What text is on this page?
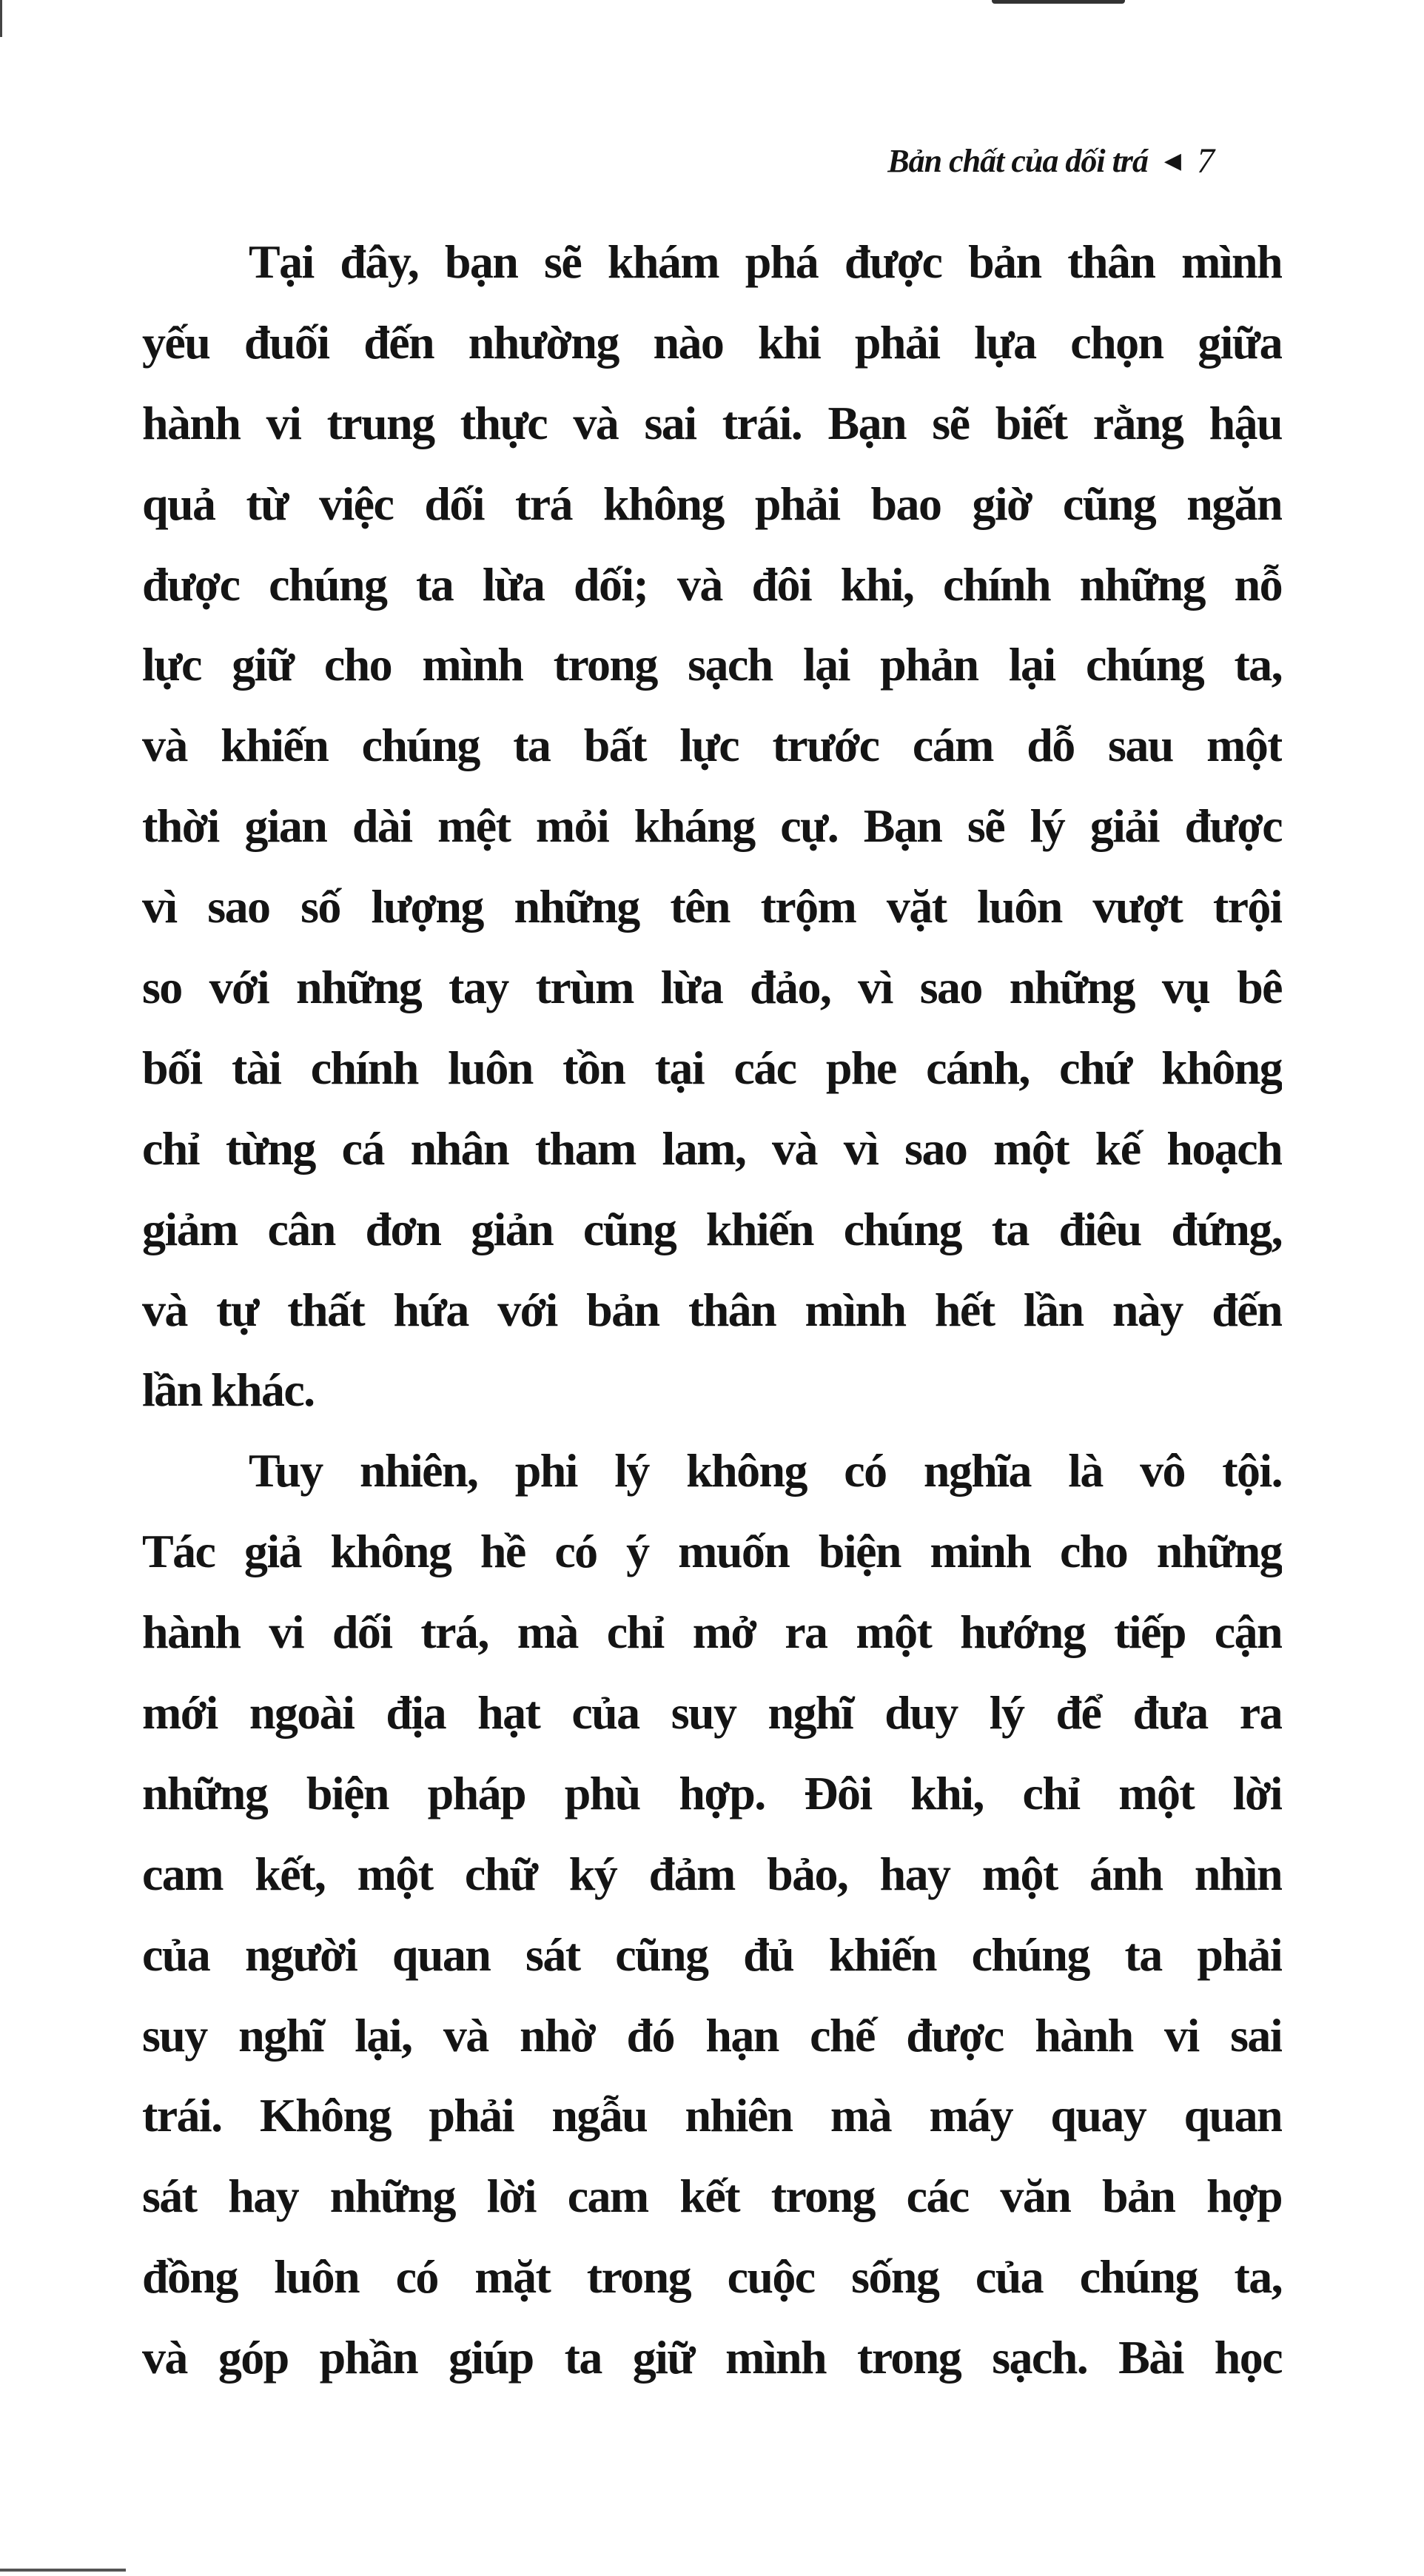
Bản chất của dối trá ◀ 7
Tại đây, bạn sẽ khám phá được bản thân mình
yếu đuối đến nhường nào khi phải lựa chọn giữa
hành vi trung thực và sai trái. Bạn sẽ biết rằng hậu
quả từ việc dối trá không phải bao giờ cũng ngăn
được chúng ta lừa dối; và đôi khi, chính những nỗ
lực giữ cho mình trong sạch lại phản lại chúng ta,
và khiến chúng ta bất lực trước cám dỗ sau một
thời gian dài mệt mỏi kháng cự. Bạn sẽ lý giải được
vì sao số lượng những tên trộm vặt luôn vượt trội
so với những tay trùm lừa đảo, vì sao những vụ bê
bối tài chính luôn tồn tại các phe cánh, chứ không
chỉ từng cá nhân tham lam, và vì sao một kế hoạch
giảm cân đơn giản cũng khiến chúng ta điêu đứng,
và tự thất hứa với bản thân mình hết lần này đến
lần khác.
Tuy nhiên, phi lý không có nghĩa là vô tội.
Tác giả không hề có ý muốn biện minh cho những
hành vi dối trá, mà chỉ mở ra một hướng tiếp cận
mới ngoài địa hạt của suy nghĩ duy lý để đưa ra
những biện pháp phù hợp. Đôi khi, chỉ một lời
cam kết, một chữ ký đảm bảo, hay một ánh nhìn
của người quan sát cũng đủ khiến chúng ta phải
suy nghĩ lại, và nhờ đó hạn chế được hành vi sai
trái. Không phải ngẫu nhiên mà máy quay quan
sát hay những lời cam kết trong các văn bản hợp
đồng luôn có mặt trong cuộc sống của chúng ta,
và góp phần giúp ta giữ mình trong sạch. Bài học
